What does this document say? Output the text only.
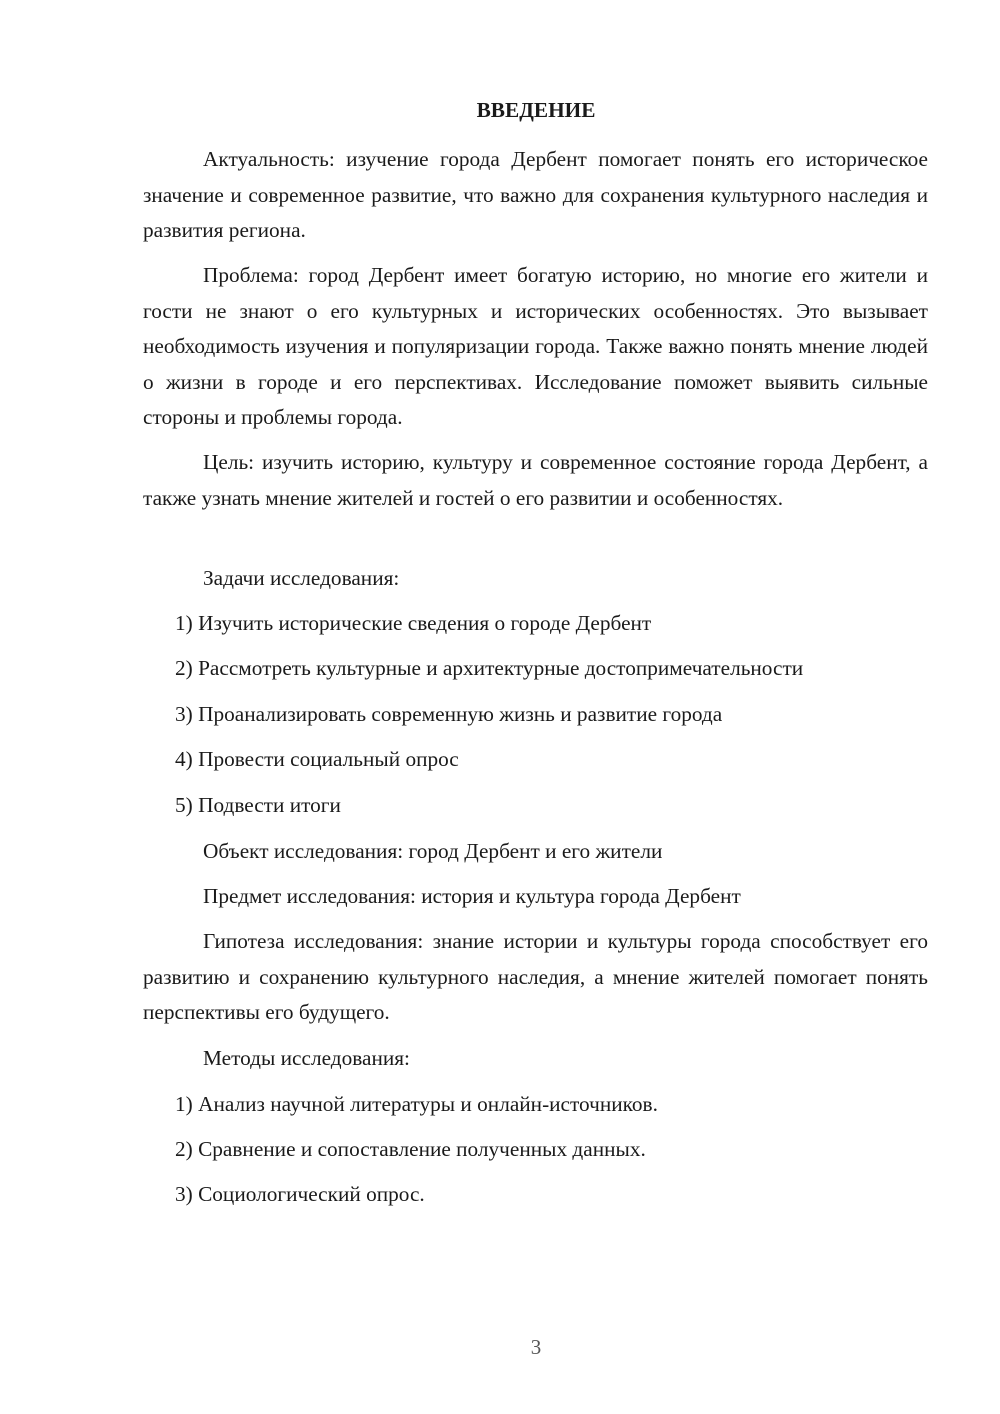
ВВЕДЕНИЕ

Актуальность: изучение города Дербент помогает понять его историческое значение и современное развитие, что важно для сохранения культурного наследия и развития региона.

Проблема: город Дербент имеет богатую историю, но многие его жители и гости не знают о его культурных и исторических особенностях. Это вызывает необходимость изучения и популяризации города. Также важно понять мнение людей о жизни в городе и его перспективах. Исследование поможет выявить сильные стороны и проблемы города.

Цель: изучить историю, культуру и современное состояние города Дербент, а также узнать мнение жителей и гостей о его развитии и особенностях.

Задачи исследования:

1) Изучить исторические сведения о городе Дербент

2) Рассмотреть культурные и архитектурные достопримечательности

3) Проанализировать современную жизнь и развитие города

4) Провести социальный опрос

5) Подвести итоги

Объект исследования: город Дербент и его жители

Предмет исследования: история и культура города Дербент

Гипотеза исследования: знание истории и культуры города способствует его развитию и сохранению культурного наследия, а мнение жителей помогает понять перспективы его будущего.

Методы исследования:

1) Анализ научной литературы и онлайн-источников.

2) Сравнение и сопоставление полученных данных.

3) Социологический опрос.

3
